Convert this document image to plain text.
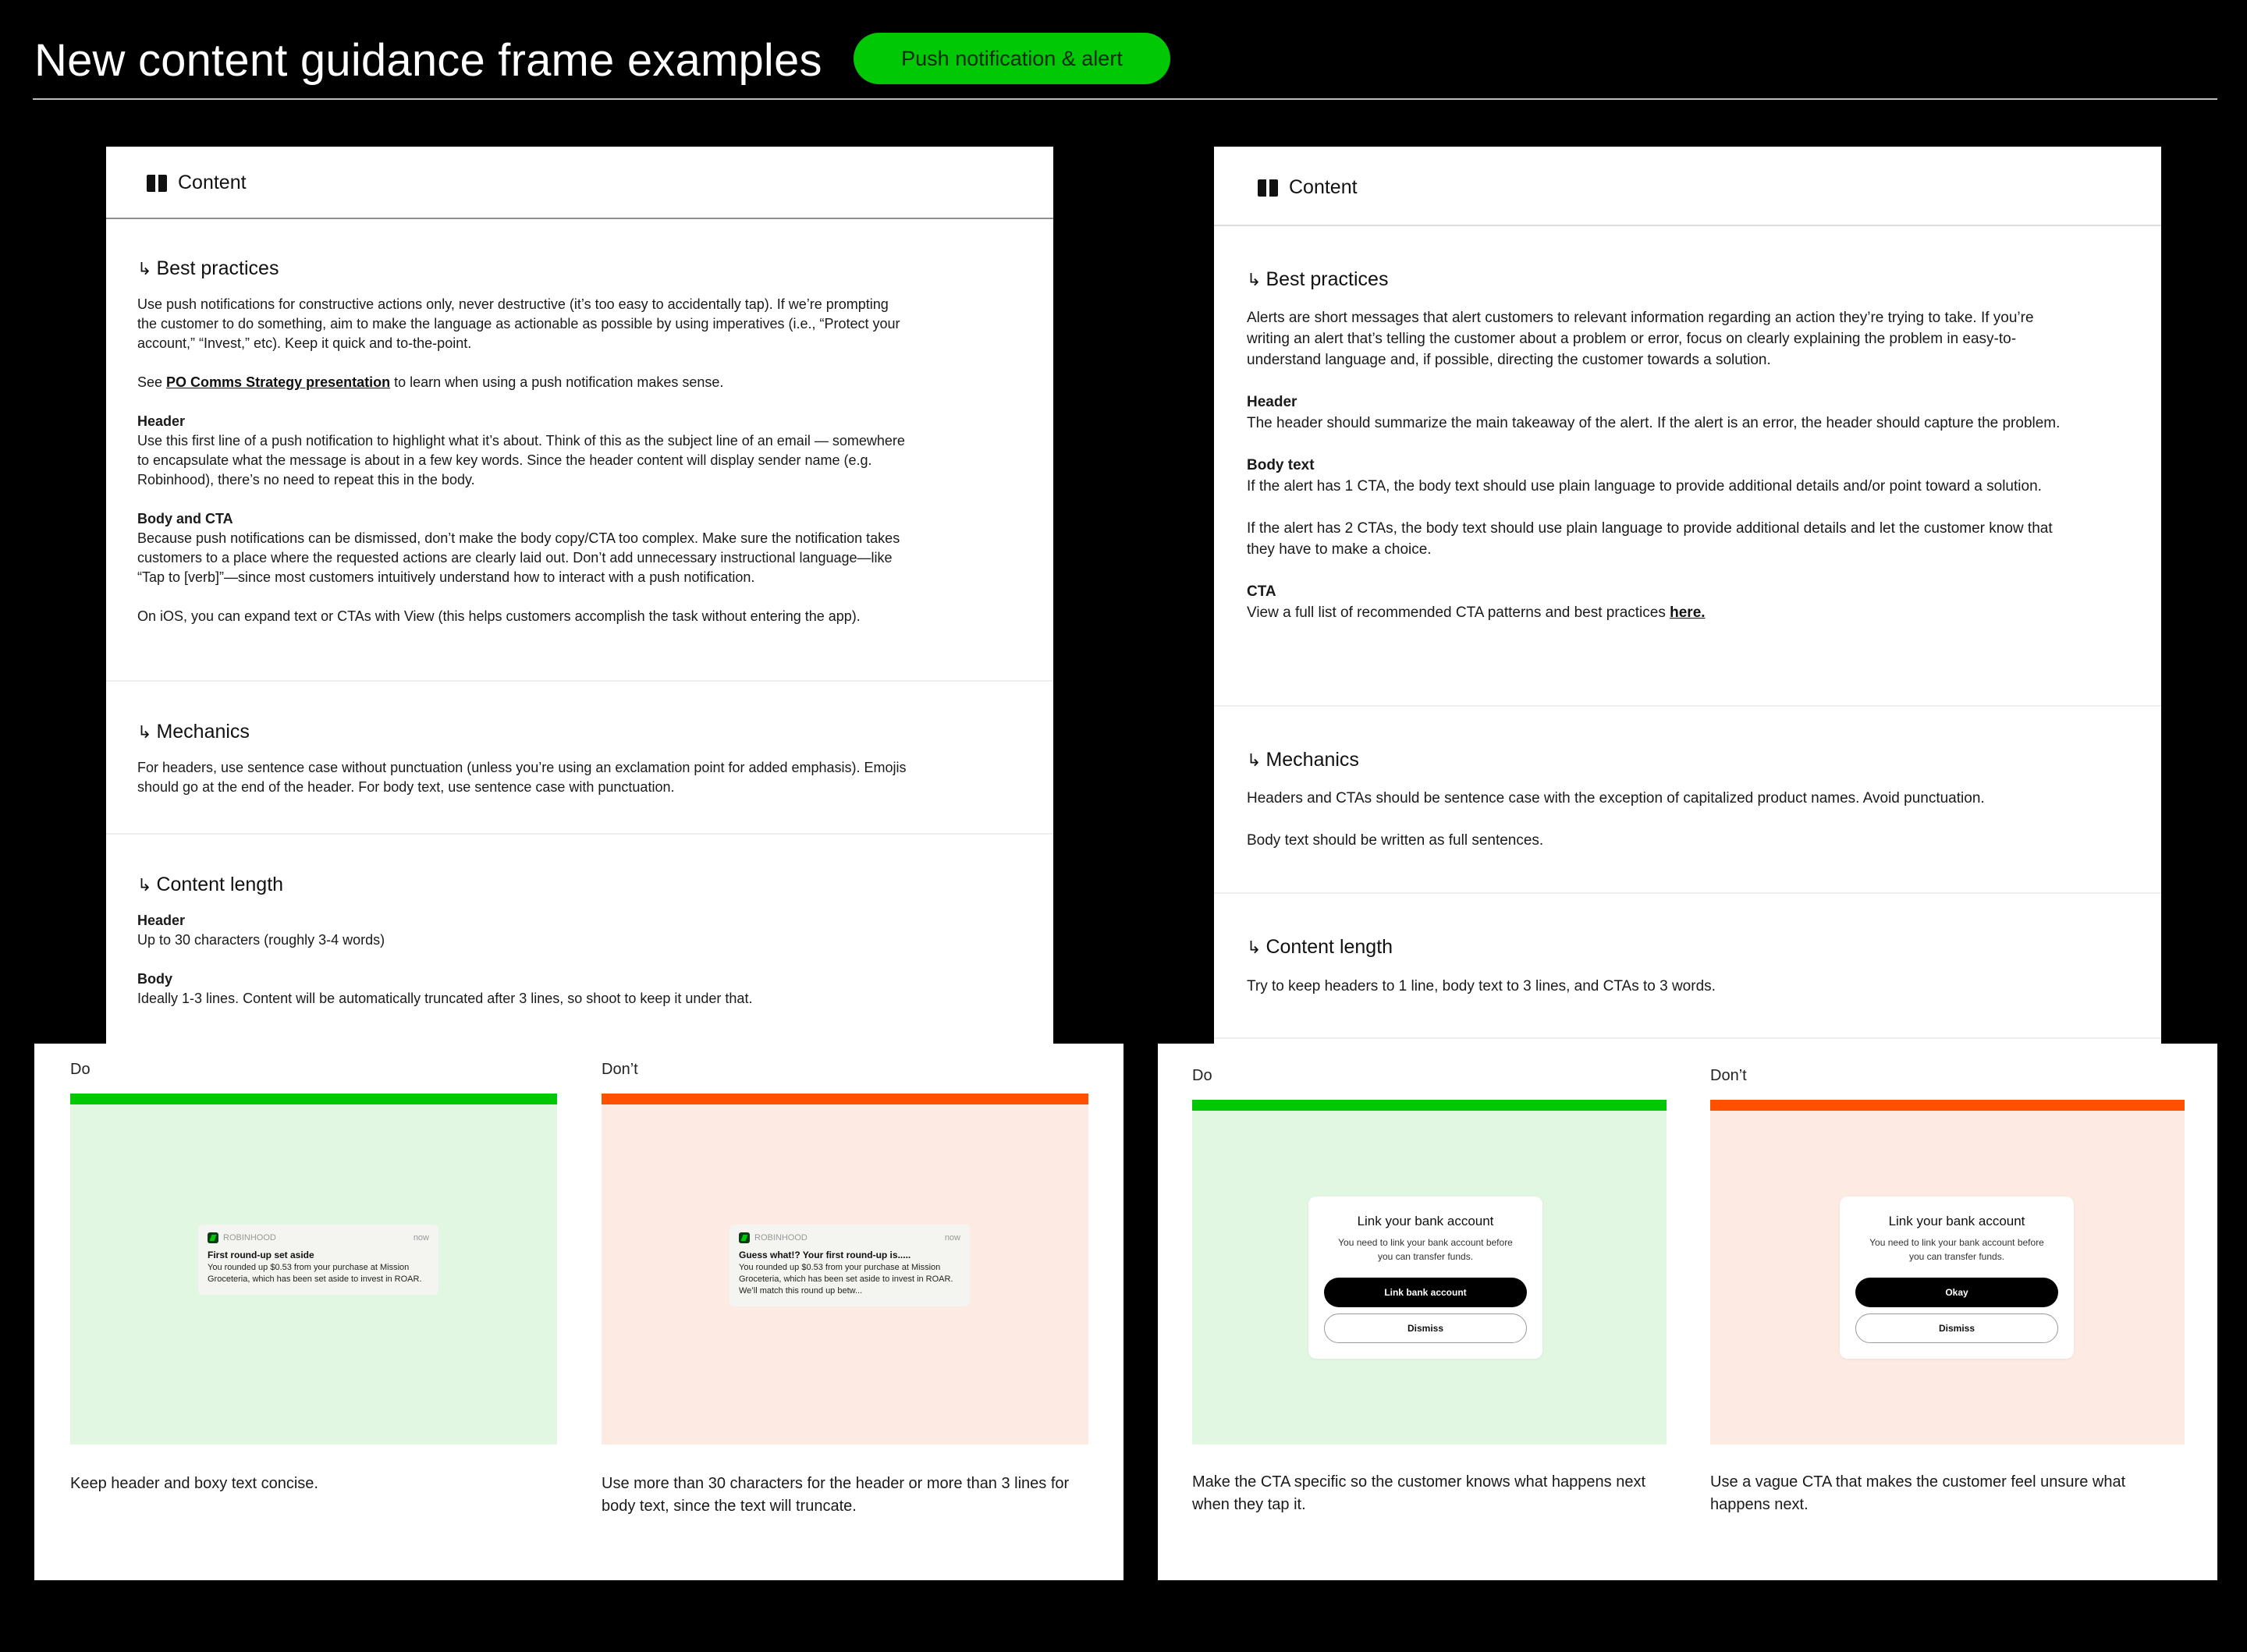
New content guidance frame examples	Push notification & alert
Content
↳ Best practices

Use push notifications for constructive actions only, never destructive (it’s too easy to accidentally tap). If we’re prompting the customer to do something, aim to make the language as actionable as possible by using imperatives (i.e., “Protect your account,” “Invest,” etc). Keep it quick and to-the-point.

See PO Comms Strategy presentation to learn when using a push notification makes sense.

Header
Use this first line of a push notification to highlight what it’s about. Think of this as the subject line of an email — somewhere to encapsulate what the message is about in a few key words. Since the header content will display sender name (e.g. Robinhood), there’s no need to repeat this in the body.

Body and CTA
Because push notifications can be dismissed, don’t make the body copy/CTA too complex. Make sure the notification takes customers to a place where the requested actions are clearly laid out. Don’t add unnecessary instructional language—like “Tap to [verb]”—since most customers intuitively understand how to interact with a push notification.

On iOS, you can expand text or CTAs with View (this helps customers accomplish the task without entering the app).

↳ Mechanics
For headers, use sentence case without punctuation (unless you’re using an exclamation point for added emphasis). Emojis should go at the end of the header. For body text, use sentence case with punctuation.
↳ Content length

Header
Up to 30 characters (roughly 3-4 words)

Body
Ideally 1-3 lines. Content will be automatically truncated after 3 lines, so shoot to keep it under that.

Content
↳ Best practices

Alerts are short messages that alert customers to relevant information regarding an action they’re trying to take. If you’re writing an alert that’s telling the customer about a problem or error, focus on clearly explaining the problem in easy-to-understand language and, if possible, directing the customer towards a solution.

Header
The header should summarize the main takeaway of the alert. If the alert is an error, the header should capture the problem.

Body text
If the alert has 1 CTA, the body text should use plain language to provide additional details and/or point toward a solution.

If the alert has 2 CTAs, the body text should use plain language to provide additional details and let the customer know that they have to make a choice.

CTA
View a full list of recommended CTA patterns and best practices here.

↳ Mechanics

Headers and CTAs should be sentence case with the exception of capitalized product names. Avoid punctuation.

Body text should be written as full sentences.

↳ Content length
Try to keep headers to 1 line, body text to 3 lines, and CTAs to 3 words.
Do
ROBINHOOD	now
First round-up set aside
You rounded up $0.53 from your purchase at Mission Groceteria, which has been set aside to invest in ROAR.
Keep header and boxy text concise.
Don’t
ROBINHOOD	now
Guess what!? Your first round-up is.....
You rounded up $0.53 from your purchase at Mission Groceteria, which has been set aside to invest in ROAR. We’ll match this round up betw...
Use more than 30 characters for the header or more than 3 lines for body text, since the text will truncate.
Do
Link your bank account
You need to link your bank account before you can transfer funds.
Link bank account
Dismiss
Make the CTA specific so the customer knows what happens next when they tap it.
Don’t
Link your bank account
You need to link your bank account before you can transfer funds.
Okay
Dismiss
Use a vague CTA that makes the customer feel unsure what happens next.
